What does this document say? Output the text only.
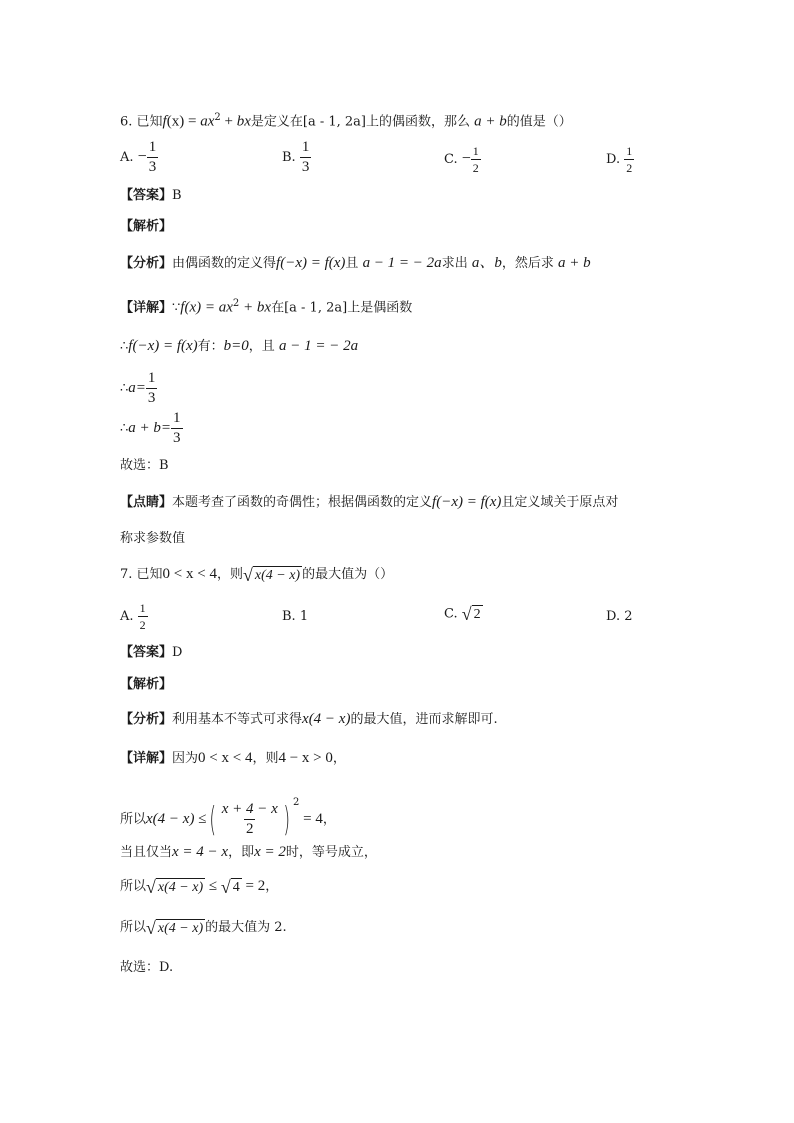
6. 已知$f(x) = ax^2$ + bx是定义在[a - 1, 2a]上的偶函数，那么 a + b的值是（）
A. − $\frac{1}{3}$	B. $\frac{1}{3}$	C. − $\frac{1}{2}$	D. $\frac{1}{2}$
【答案】B
【解析】
【分析】由偶函数的定义得f(−x) = f(x)且 a − 1 = − 2a求出 a、b，然后求 a + b
【详解】∵f(x) = $ax^2$ + bx在[a - 1, 2a]上是偶函数
∴f(−x) = f(x)有：b=0，且 a − 1 = − 2a
∴a= $\frac{1}{3}$
∴a + $b= \frac{1}{3}$
故选：B
【点睛】本题考查了函数的奇偶性；根据偶函数的定义f(−x) = f(x)且定义域关于原点对
称求参数值
7. 已知0 < x < 4，则 √ x(4 − x) 的最大值为（）
A. $\frac{1}{2}$	B. 1	C. √ 2	D. 2
【答案】D
【解析】
【分析】利用基本不等式可求得x(4 − x)的最大值，进而求解即可.
【详解】因为0 < x < 4，则4 − x > 0，
所以x(4 − x) ≤( $\frac{x + 4 - x}{2}$ ) $^2$ = 4，
当且仅当x = 4 − x，即x = 2时，等号成立，
所以 √ x(4 − x) ≤ √ 4 = 2，
所以 √ x(4 − x) 的最大值为 2.
故选：D.
